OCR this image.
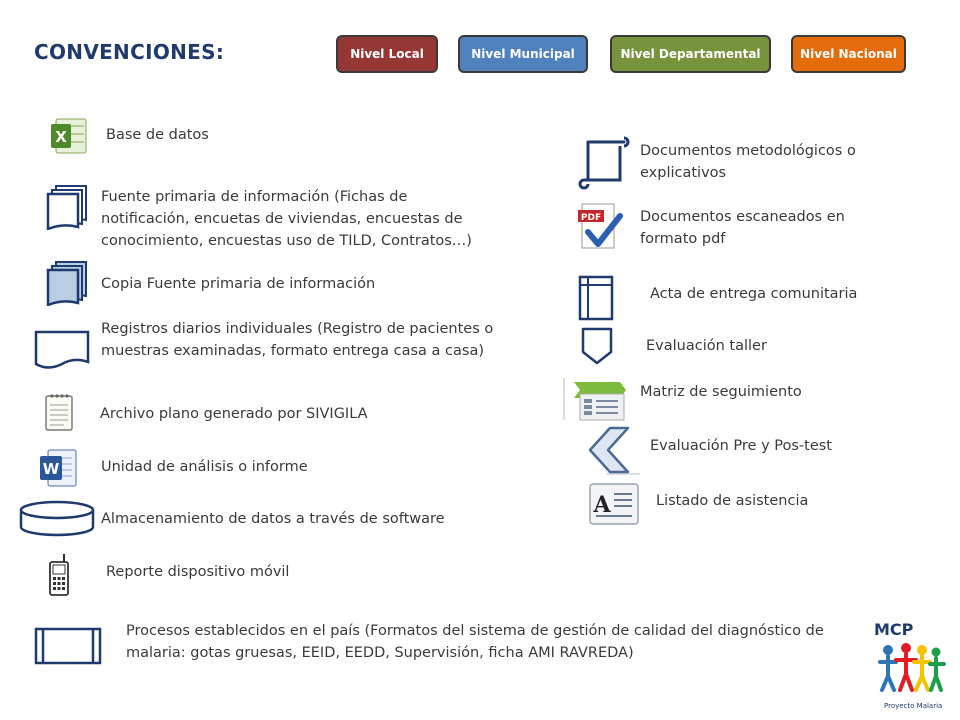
CONVENCIONES:	Nivel Local	Nivel Municipal	Nivel Departamental	Nivel Nacional
X	Base de datos
Fuente primaria de información (Fichas de notificación, encuetas de viviendas, encuestas de conocimiento, encuestas uso de TILD, Contratos…)
Copia Fuente primaria de información
Registros diarios individuales (Registro de pacientes o muestras examinadas, formato entrega casa a casa)
Archivo plano generado por SIVIGILA
W	Unidad de análisis o informe
Almacenamiento de datos a través de software
Reporte dispositivo móvil
Documentos metodológicos o explicativos
PDF	Documentos escaneados en formato pdf
Acta de entrega comunitaria
Evaluación taller
Matriz de seguimiento
Evaluación Pre y Pos-test
A	Listado de asistencia
Procesos establecidos en el país (Formatos del sistema de gestión de calidad del diagnóstico de malaria: gotas gruesas, EEID, EEDD, Supervisión, ficha AMI RAVREDA)
MCP
Proyecto Malaria
